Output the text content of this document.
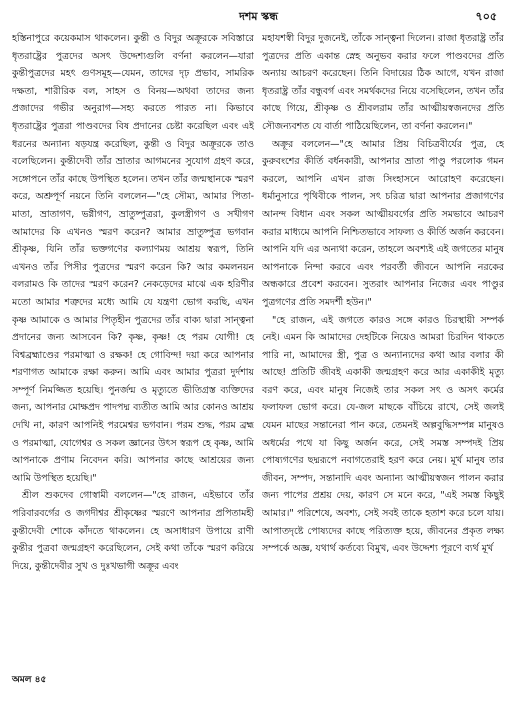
দশম স্কন্ধ	৭০৫

হস্তিনাপুরে কয়েকমাস থাকলেন। কুন্তী ও বিদুর অক্রূরকে সবিস্তারে ধৃতরাষ্ট্রের পুত্রদের অসৎ উদ্দেশ্যগুলি বর্ণনা করলেন—যারা কুন্তীপুত্রদের মহৎ গুণসমূহ—যেমন, তাদের দৃঢ় প্রভাব, সামরিক দক্ষতা, শারীরিক বল, সাহস ও বিনয়—অথবা তাদের জন্য প্রজাদের গভীর অনুরাগ—সহ্য করতে পারত না। কিভাবে ধৃতরাষ্ট্রের পুত্ররা পাণ্ডবদের বিষ প্রদানের চেষ্টা করেছিল এবং এই ধরনের অন্যান্য ষড়যন্ত্র করেছিল, কুন্তী ও বিদুর অক্রূরকে তাও বলেছিলেন। কুন্তীদেবী তাঁর ভ্রাতার আগমনের সুযোগ গ্রহণ করে, সঙ্গোপনে তাঁর কাছে উপস্থিত হলেন। তখন তাঁর জন্মস্থানকে স্মরণ করে, অশ্রুপূর্ণ নয়নে তিনি বললেন—"হে সৌম্য, আমার পিতা-মাতা, ভ্রাতাগণ, ভগ্নীগণ, ভ্রাতুষ্পুত্ররা, কুলস্ত্রীগণ ও সখীগণ আমাদের কি এখনও স্মরণ করেন? আমার ভ্রাতুষ্পুত্র ভগবান শ্রীকৃষ্ণ, যিনি তাঁর ভক্তগণের কল্যাণময় আশ্রয় স্বরূপ, তিনি এখনও তাঁর পিসীর পুত্রদের স্মরণ করেন কি? আর কমলনয়ন বলরামও কি তাদের স্মরণ করেন? নেকড়েদের মাঝে এক হরিণীর মতো আমার শত্রুদের মধ্যে আমি যে যন্ত্রণা ভোগ করছি, এখন কৃষ্ণ আমাকে ও আমার পিতৃহীন পুত্রদের তাঁর বাক্য দ্বারা সান্ত্বনা প্রদানের জন্য আসবেন কি? কৃষ্ণ, কৃষ্ণ! হে পরম যোগী! হে বিশ্বব্রহ্মাণ্ডের পরমাত্মা ও রক্ষক! হে গোবিন্দ! দয়া করে আপনার শরণাগত আমাকে রক্ষা করুন। আমি এবং আমার পুত্ররা দুর্দশায় সম্পূর্ণ নিমজ্জিত হয়েছি। পুনর্জন্ম ও মৃত্যুতে ভীতিগ্রস্ত ব্যক্তিদের জন্য, আপনার মোক্ষপ্রদ পাদপদ্ম ব্যতীত আমি আর কোনও আশ্রয় দেখি না, কারণ আপনিই পরমেশ্বর ভগবান। পরম শুদ্ধ, পরম ব্রহ্ম ও পরমাত্মা, যোগেশ্বর ও সকল জ্ঞানের উৎস স্বরূপ হে কৃষ্ণ, আমি আপনাকে প্রণাম নিবেদন করি। আপনার কাছে আশ্রয়ের জন্য আমি উপস্থিত হয়েছি।"

শ্রীল শুকদেব গোস্বামী বললেন—"হে রাজন, এইভাবে তাঁর পরিবারবর্গের ও জগদীশ্বর শ্রীকৃষ্ণের স্মরণে আপনার প্রপিতামহী কুন্তীদেবী শোকে কাঁদতে থাকলেন। হে অসাধারণ উপায়ে রাণী কুন্তীর পুত্রবা জন্মগ্রহণ করেছিলেন, সেই কথা তাঁকে স্মরণ করিয়ে দিয়ে, কুন্তীদেবীর সুখ ও দুঃখভাগী অক্রূর এবং

মহাযশস্বী বিদুর দুজনেই, তাঁকে সান্ত্বনা দিলেন। রাজা ধৃতরাষ্ট্র তাঁর পুত্রদের প্রতি একান্ত স্নেহ অনুভব করার ফলে পাণ্ডবদের প্রতি অন্যায় আচরণ করেছেন। তিনি বিদায়ের ঠিক আগে, যখন রাজা ধৃতরাষ্ট্র তাঁর বন্ধুবর্গ এবং সমর্থকদের নিয়ে বসেছিলেন, তখন তাঁর কাছে গিয়ে, শ্রীকৃষ্ণ ও শ্রীবলরাম তাঁর আত্মীয়স্বজনদের প্রতি সৌজন্যবশত যে বার্তা পাঠিয়েছিলেন, তা বর্ণনা করলেন।"

অক্রূর বললেন—"হে আমার প্রিয় বিচিত্রবীর্যের পুত্র, হে কুরুবংশের কীর্তি বর্ধনকারী, আপনার ভ্রাতা পাণ্ডু পরলোক গমন করলে, আপনি এখন রাজ সিংহাসনে আরোহণ করেছেন। ধর্মানুসারে পৃথিবীকে পালন, সৎ চরিত্র দ্বারা আপনার প্রজাগণের আনন্দ বিধান এবং সকল আত্মীয়বর্গের প্রতি সমভাবে আচরণ করার মাধ্যমে আপনি নিশ্চিতভাবে সাফল্য ও কীর্তি অর্জন করবেন। আপনি যদি এর অন্যথা করেন, তাহলে অবশ্যই এই জগতের মানুষ আপনাকে নিন্দা করবে এবং পরবর্তী জীবনে আপনি নরকের অন্ধকারে প্রবেশ করবেন। সুতরাং আপনার নিজের এবং পাণ্ডুর পুত্রগণের প্রতি সমদর্শী হউন।"

"হে রাজন, এই জগতে কারও সঙ্গে কারও চিরস্থায়ী সম্পর্ক নেই। এমন কি আমাদের দেহটিকে নিয়েও আমরা চিরদিন থাকতে পারি না, আমাদের স্ত্রী, পুত্র ও অন্যান্যদের কথা আর বলার কী আছে! প্রতিটি জীবই একাকী জন্মগ্রহণ করে আর একাকীই মৃত্যু বরণ করে, এবং মানুষ নিজেই তার সকল সৎ ও অসৎ কর্মের ফলাফল ভোগ করে। যে-জল মাছকে বাঁচিয়ে রাখে, সেই জলই যেমন মাছের সন্তানেরা পান করে, তেমনই অল্পবুদ্ধিসম্পন্ন মানুষও অধর্মের পথে যা কিছু অর্জন করে, সেই সমস্ত সম্পদই প্রিয় পোষ্যগণের ছদ্মরূপে নবাগতেরাই হরণ করে নেয়। মূর্খ মানুষ তার জীবন, সম্পদ, সন্তানাদি এবং অন্যান্য আত্মীয়স্বজন পালন করার জন্য পাপের প্রশ্রয় দেয়, কারণ সে মনে করে, "এই সমস্ত কিছুই আমার।" পরিশেষে, অবশ্য, সেই সবই তাকে হতাশ করে চলে যায়। আপাতদৃষ্টে পোষ্যদের কাছে পরিত্যক্ত হয়ে, জীবনের প্রকৃত লক্ষ্য সম্পর্কে অজ্ঞ, যথার্থ কর্তব্যে বিমুখ, এবং উদ্দেশ্য পূরণে ব্যর্থ মূর্খ

অমল ৪৫
